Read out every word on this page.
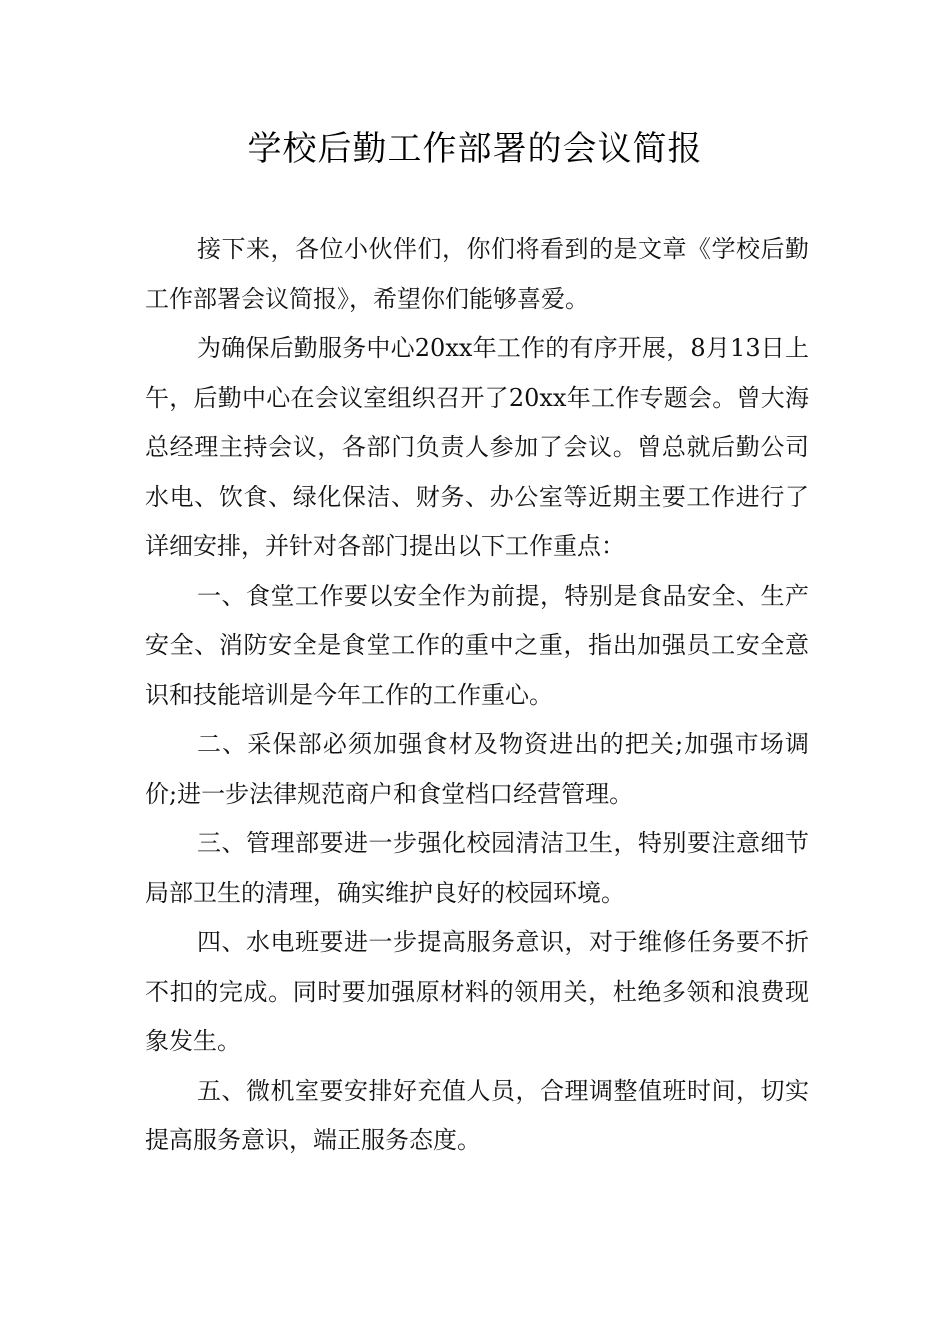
学校后勤工作部署的会议简报

接下来，各位小伙伴们，你们将看到的是文章《学校后勤工作部署会议简报》，希望你们能够喜爱。

为确保后勤服务中心20xx年工作的有序开展，8月13日上午，后勤中心在会议室组织召开了20xx年工作专题会。曾大海总经理主持会议，各部门负责人参加了会议。曾总就后勤公司水电、饮食、绿化保洁、财务、办公室等近期主要工作进行了详细安排，并针对各部门提出以下工作重点：

一、食堂工作要以安全作为前提，特别是食品安全、生产安全、消防安全是食堂工作的重中之重，指出加强员工安全意识和技能培训是今年工作的工作重心。

二、采保部必须加强食材及物资进出的把关;加强市场调价;进一步法律规范商户和食堂档口经营管理。

三、管理部要进一步强化校园清洁卫生，特别要注意细节局部卫生的清理，确实维护良好的校园环境。

四、水电班要进一步提高服务意识，对于维修任务要不折不扣的完成。同时要加强原材料的领用关，杜绝多领和浪费现象发生。

五、微机室要安排好充值人员，合理调整值班时间，切实提高服务意识，端正服务态度。
